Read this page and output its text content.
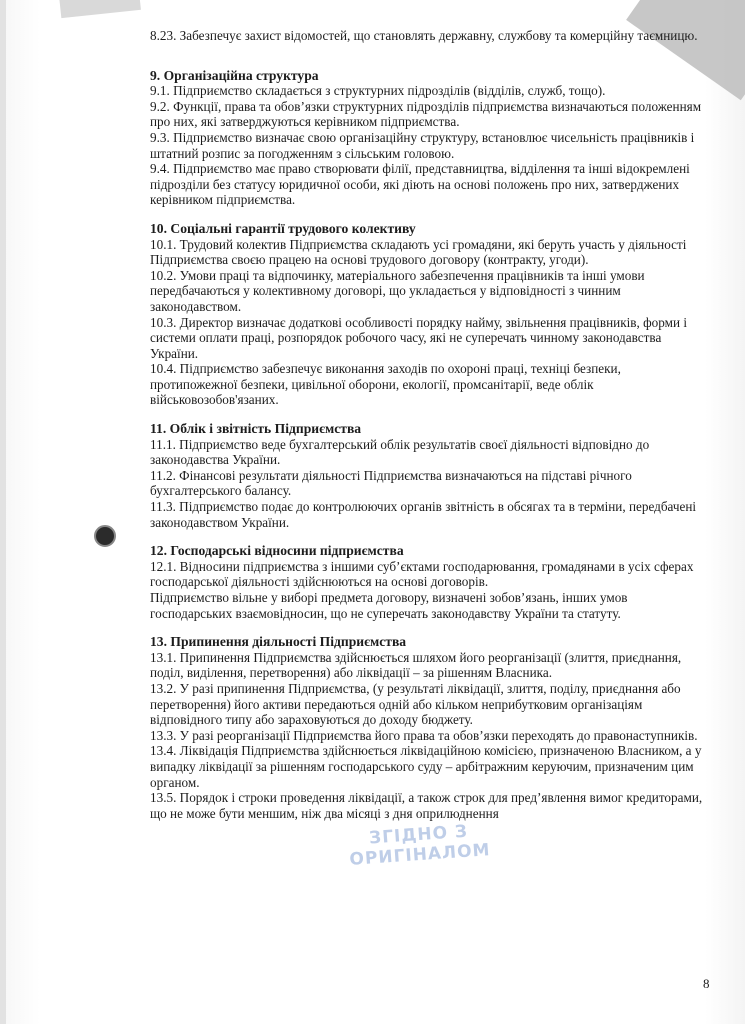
8.23. Забезпечує захист відомостей, що становлять державну, службову та комерційну таємницю.

9. Організаційна структура

9.1. Підприємство складається з структурних підрозділів (відділів, служб, тощо).

9.2. Функції, права та обов’язки структурних підрозділів підприємства визначаються положенням про них, які затверджуються керівником підприємства.

9.3. Підприємство визначає свою організаційну структуру, встановлює чисельність працівників і штатний розпис за погодженням з сільським головою.

9.4. Підприємство має право створювати філії, представництва, відділення та інші відокремлені підрозділи без статусу юридичної особи, які діють на основі положень про них, затверджених керівником підприємства.

10. Соціальні гарантії трудового колективу

10.1. Трудовий колектив Підприємства складають усі громадяни, які беруть участь у діяльності Підприємства своєю працею на основі трудового договору (контракту, угоди).

10.2. Умови праці та відпочинку, матеріального забезпечення працівників та інші умови передбачаються у колективному договорі, що укладається у відповідності з чинним законодавством.

10.3. Директор визначає додаткові особливості порядку найму, звільнення працівників, форми і системи оплати праці, розпорядок робочого часу, які не суперечать чинному законодавства України.

10.4. Підприємство забезпечує виконання заходів по охороні праці, техніці безпеки, протипожежної безпеки, цивільної оборони, екології, промсанітарії, веде облік військовозобов'язаних.

11. Облік і звітність Підприємства

11.1. Підприємство веде бухгалтерський облік результатів своєї діяльності відповідно до законодавства України.

11.2. Фінансові результати діяльності Підприємства визначаються на підставі річного бухгалтерського балансу.

11.3. Підприємство подає до контролюючих органів звітність в обсягах та в терміни, передбачені законодавством України.

12. Господарські відносини підприємства

12.1. Відносини підприємства з іншими суб’єктами господарювання, громадянами в усіх сферах господарської діяльності здійснюються на основі договорів.

Підприємство вільне у виборі предмета договору, визначені зобов’язань, інших умов господарських взаємовідносин, що не суперечать законодавству України та статуту.

13. Припинення діяльності Підприємства

13.1. Припинення Підприємства здійснюється шляхом його реорганізації (злиття, приєднання, поділ, виділення, перетворення) або ліквідації – за рішенням Власника.

13.2. У разі припинення Підприємства, (у результаті ліквідації, злиття, поділу, приєднання або перетворення) його активи передаються одній або кільком неприбутковим організаціям відповідного типу або зараховуються до доходу бюджету.

13.3. У разі реорганізації Підприємства його права та обов’язки переходять до правонаступників.

13.4. Ліквідація Підприємства здійснюється ліквідаційною комісією, призначеною Власником, а у випадку ліквідації за рішенням господарського суду – арбітражним керуючим, призначеним цим органом.

13.5. Порядок і строки проведення ліквідації, а також строк для пред’явлення вимог кредиторами, що не може бути меншим, ніж два місяці з дня оприлюднення

ЗГІДНО З ОРИГІНАЛОМ
8
